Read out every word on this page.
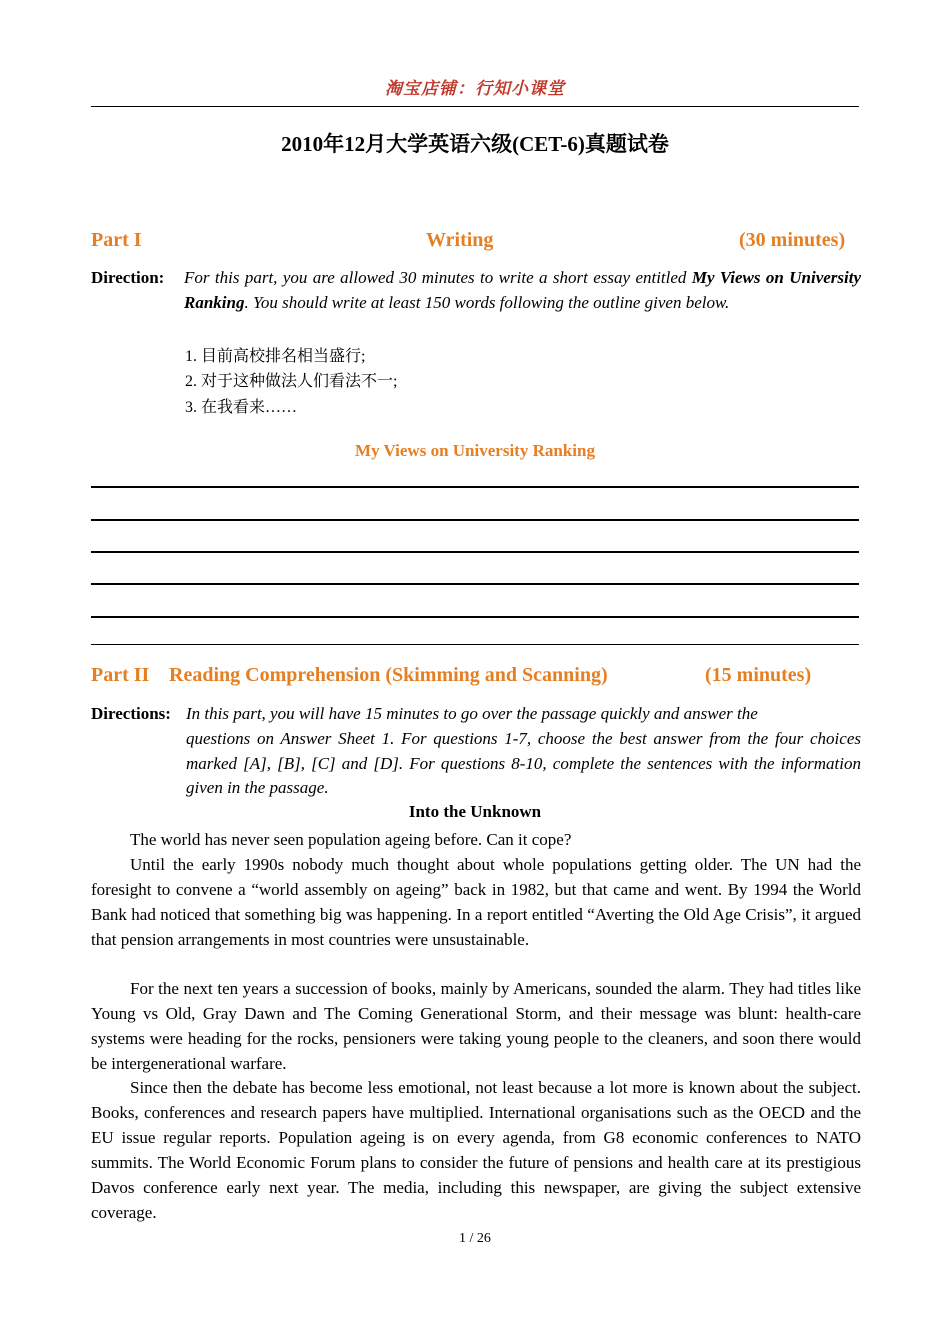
淘宝店铺：行知小课堂
2010年12月大学英语六级(CET-6)真题试卷
Part I	Writing	(30 minutes)
Direction: For this part, you are allowed 30 minutes to write a short essay entitled My Views on University Ranking. You should write at least 150 words following the outline given below.
1. 目前高校排名相当盛行;
2. 对于这种做法人们看法不一;
3. 在我看来……
My Views on University Ranking
Part II Reading Comprehension (Skimming and Scanning)	(15 minutes)
Directions: In this part, you will have 15 minutes to go over the passage quickly and answer the
questions on Answer Sheet 1. For questions 1-7, choose the best answer from the four choices marked [A], [B], [C] and [D]. For questions 8-10, complete the sentences with the information given in the passage.
Into the Unknown
The world has never seen population ageing before. Can it cope?
Until the early 1990s nobody much thought about whole populations getting older. The UN had the foresight to convene a “world assembly on ageing” back in 1982, but that came and went. By 1994 the World Bank had noticed that something big was happening. In a report entitled “Averting the Old Age Crisis”, it argued that pension arrangements in most countries were unsustainable.
For the next ten years a succession of books, mainly by Americans, sounded the alarm. They had titles like Young vs Old, Gray Dawn and The Coming Generational Storm, and their message was blunt: health-care systems were heading for the rocks, pensioners were taking young people to the cleaners, and soon there would be intergenerational warfare.
Since then the debate has become less emotional, not least because a lot more is known about the subject. Books, conferences and research papers have multiplied. International organisations such as the OECD and the EU issue regular reports. Population ageing is on every agenda, from G8 economic conferences to NATO summits. The World Economic Forum plans to consider the future of pensions and health care at its prestigious Davos conference early next year. The media, including this newspaper, are giving the subject extensive coverage.
1 / 26
